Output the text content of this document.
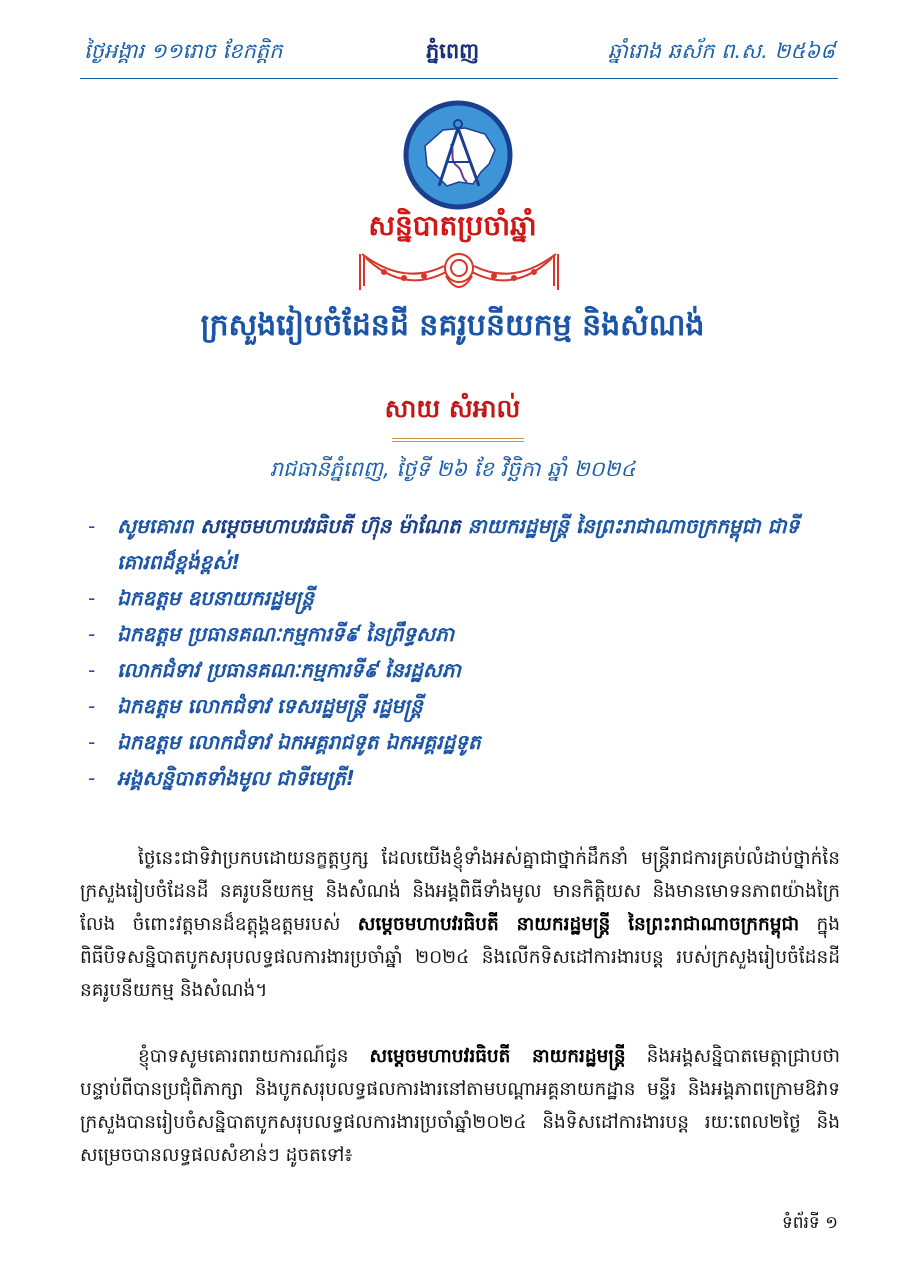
ថ្ងៃអង្គារ ១១រោច ខែកត្តិក	ភ្នំពេញ	ឆ្នាំរោង ឆស័ក ព.ស. ២៥៦៨
សន្និបាតប្រចាំឆ្នាំ
ក្រសួងរៀបចំដែនដី នគរូបនីយកម្ម និងសំណង់
សាយ សំអាល់
រាជធានីភ្នំពេញ, ថ្ងៃទី ២៦ ខែ វិច្ឆិកា ឆ្នាំ ២០២៤
- សូមគោរព សម្តេចមហាបវរធិបតី ហ៊ុន ម៉ាណែត នាយករដ្ឋមន្ត្រី នៃព្រះរាជាណាចក្រកម្ពុជា ជាទីគោរពដ៏ខ្ពង់ខ្ពស់!
- ឯកឧត្តម ឧបនាយករដ្ឋមន្ត្រី
- ឯកឧត្តម ប្រធានគណៈកម្មការទី៩ នៃព្រឹទ្ធសភា
- លោកជំទាវ ប្រធានគណៈកម្មការទី៩ នៃរដ្ឋសភា
- ឯកឧត្តម លោកជំទាវ ទេសរដ្ឋមន្ត្រី រដ្ឋមន្ត្រី
- ឯកឧត្តម លោកជំទាវ ឯកអគ្គរាជទូត ឯកអគ្គរដ្ឋទូត
- អង្គសន្និបាតទាំងមូល ជាទីមេត្រី!

ថ្ងៃនេះជាទិវាប្រកបដោយនក្ខត្តឫក្ស ដែលយើងខ្ញុំទាំងអស់គ្នាជាថ្នាក់ដឹកនាំ មន្ត្រីរាជការគ្រប់លំដាប់ថ្នាក់នៃក្រសួងរៀបចំដែនដី នគរូបនីយកម្ម និងសំណង់ និងអង្គពិធីទាំងមូល មានកិត្តិយស និងមានមោទនភាពយ៉ាងក្រៃលែង ចំពោះវត្តមានដ៏ឧត្តុង្គឧត្តមរបស់ សម្តេចមហាបវរធិបតី នាយករដ្ឋមន្ត្រី នៃព្រះរាជាណាចក្រកម្ពុជា ក្នុងពិធីបិទសន្និបាតបូកសរុបលទ្ធផលការងារប្រចាំឆ្នាំ ២០២៤ និងលើកទិសដៅការងារបន្ត របស់ក្រសួងរៀបចំដែនដី នគរូបនីយកម្ម និងសំណង់។

ខ្ញុំបាទសូមគោរពរាយការណ៍ជូន សម្តេចមហាបវរធិបតី នាយករដ្ឋមន្ត្រី និងអង្គសន្និបាតមេត្តាជ្រាបថា បន្ទាប់ពីបានប្រជុំពិភាក្សា និងបូកសរុបលទ្ធផលការងារនៅតាមបណ្តាអគ្គនាយកដ្ឋាន មន្ទីរ និងអង្គភាពក្រោមឱវាទ ក្រសួងបានរៀបចំសន្និបាតបូកសរុបលទ្ធផលការងារប្រចាំឆ្នាំ២០២៤ និងទិសដៅការងារបន្ត រយៈពេល២ថ្ងៃ និងសម្រេចបានលទ្ធផលសំខាន់ៗ ដូចតទៅ៖

ទំព័រទី ១
